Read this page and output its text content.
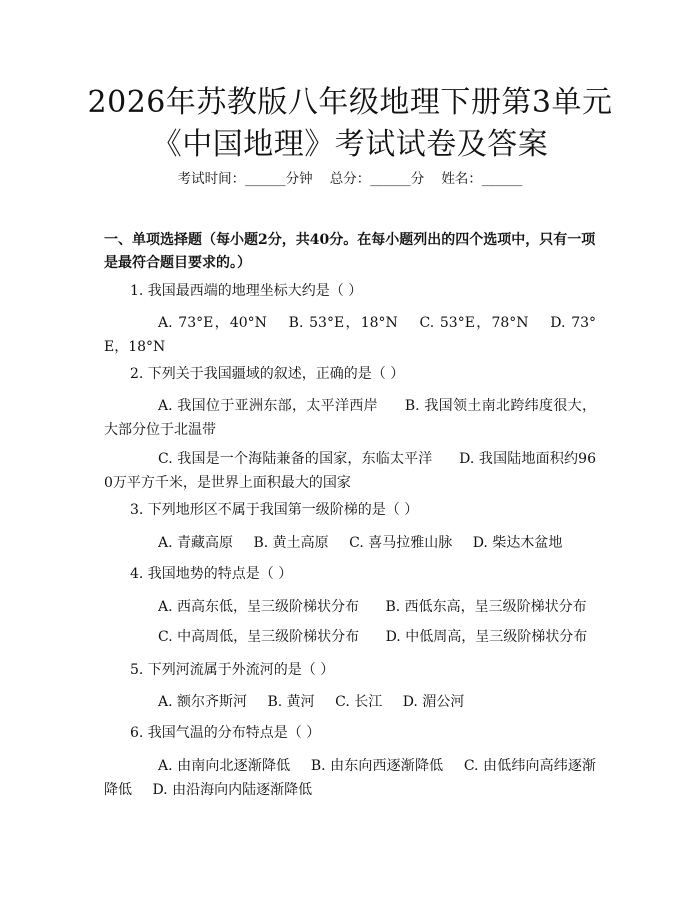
2026年苏教版八年级地理下册第3单元《中国地理》考试试卷及答案
考试时间：______分钟    总分：______分    姓名：______
一、单项选择题（每小题2分，共40分。在每小题列出的四个选项中，只有一项是最符合题目要求的。）
1. 我国最西端的地理坐标大约是（ ）
A. 73°E，40°N B. 53°E，18°N C. 53°E，78°N D. 73°E，18°N
2. 下列关于我国疆域的叙述，正确的是（ ）
A. 我国位于亚洲东部，太平洋西岸 B. 我国领土南北跨纬度很大，大部分位于北温带
C. 我国是一个海陆兼备的国家，东临太平洋 D. 我国陆地面积约960万平方千米，是世界上面积最大的国家
3. 下列地形区不属于我国第一级阶梯的是（ ）
A. 青藏高原 B. 黄土高原 C. 喜马拉雅山脉 D. 柴达木盆地
4. 我国地势的特点是（ ）
A. 西高东低，呈三级阶梯状分布 B. 西低东高，呈三级阶梯状分布
C. 中高周低，呈三级阶梯状分布 D. 中低周高，呈三级阶梯状分布
5. 下列河流属于外流河的是（ ）
A. 额尔齐斯河 B. 黄河 C. 长江 D. 湄公河
6. 我国气温的分布特点是（ ）
A. 由南向北逐渐降低 B. 由东向西逐渐降低 C. 由低纬向高纬逐渐降低 D. 由沿海向内陆逐渐降低
